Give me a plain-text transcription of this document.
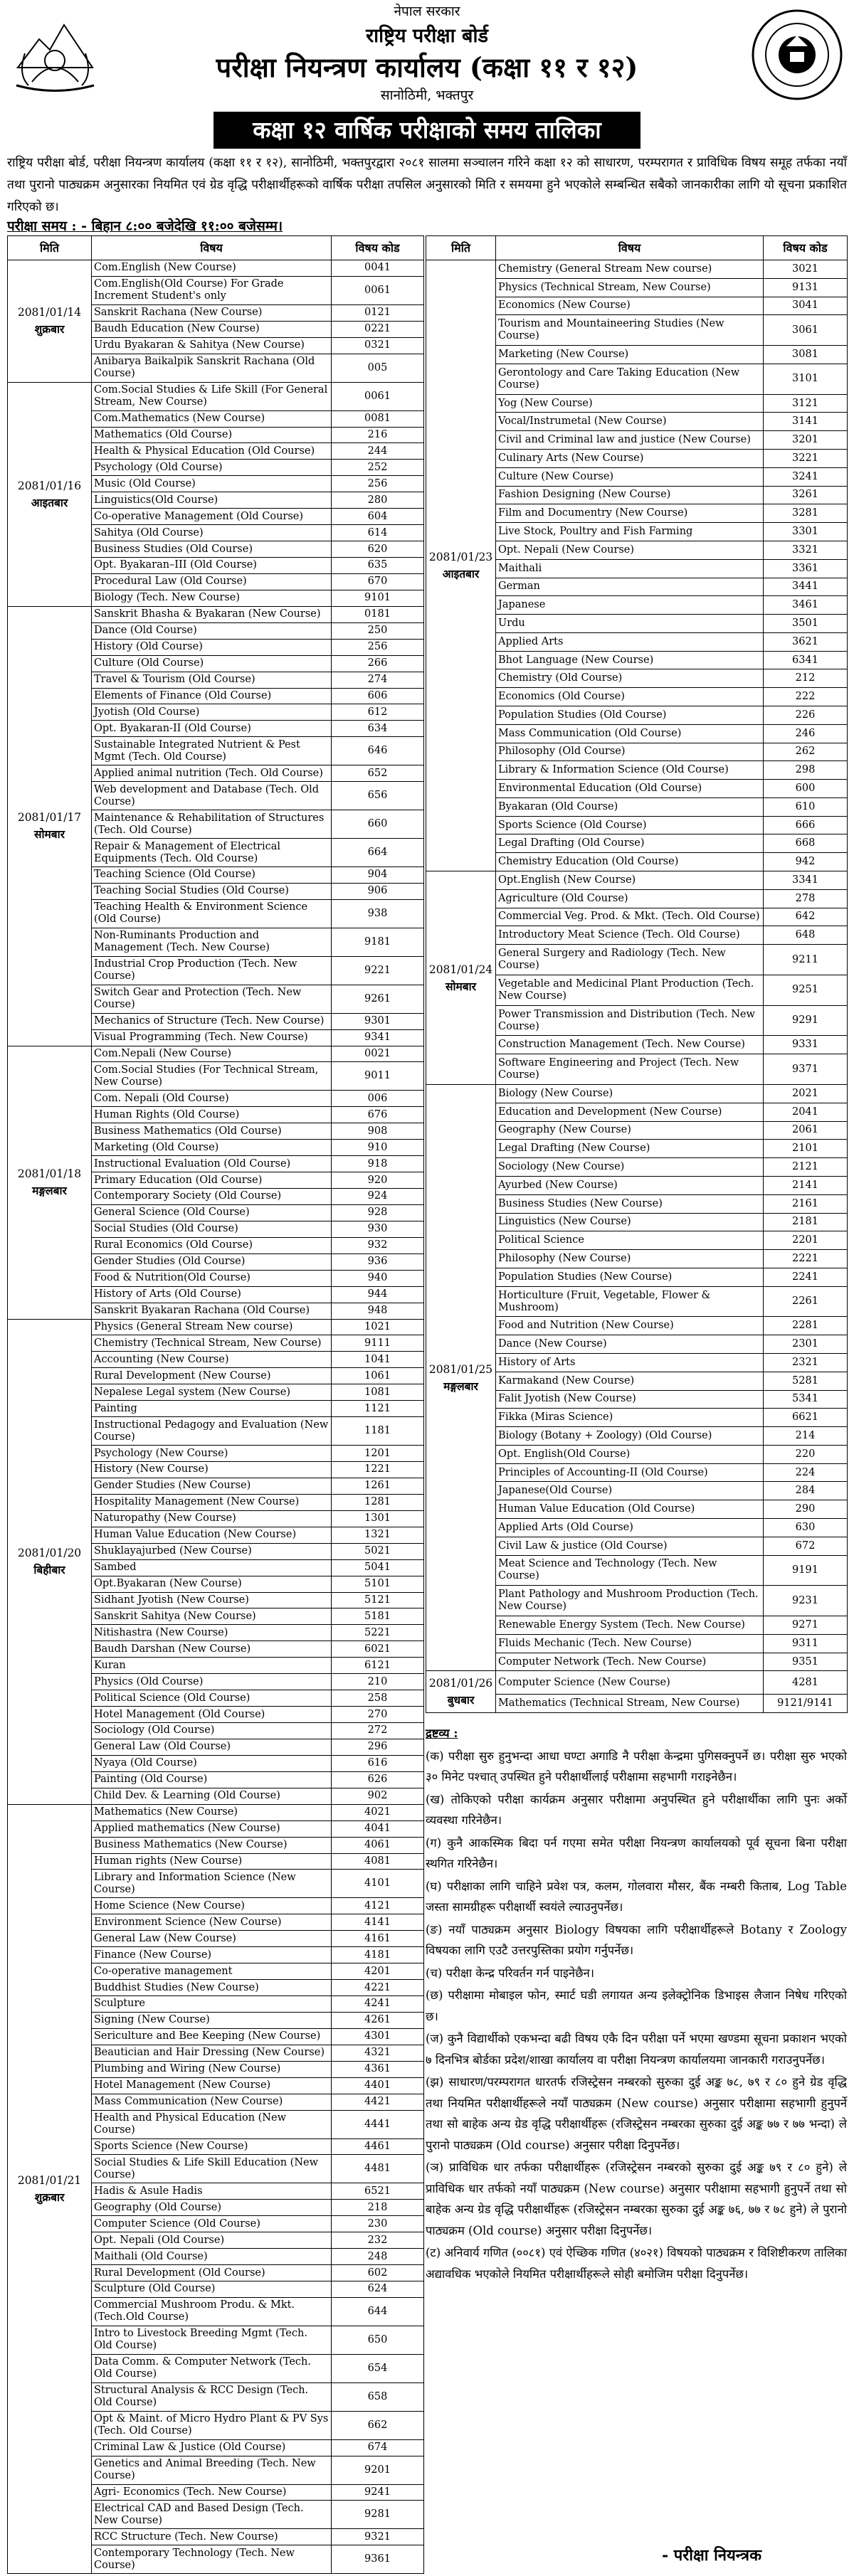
नेपाल सरकार
राष्ट्रिय परीक्षा बोर्ड
परीक्षा नियन्त्रण कार्यालय (कक्षा ११ र १२)
सानोठिमी, भक्तपुर
कक्षा १२ वार्षिक परीक्षाको समय तालिका
राष्ट्रिय परीक्षा बोर्ड, परीक्षा नियन्त्रण कार्यालय (कक्षा ११ र १२), सानोठिमी, भक्तपुरद्वारा २०८१ सालमा सञ्चालन गरिने कक्षा १२ को साधारण, परम्परागत र प्राविधिक विषय समूह तर्फका नयाँ तथा पुरानो पाठ्यक्रम अनुसारका नियमित एवं ग्रेड वृद्धि परीक्षार्थीहरूको वार्षिक परीक्षा तपसिल अनुसारको मिति र समयमा हुने भएकोले सम्बन्धित सबैको जानकारीका लागि यो सूचना प्रकाशित गरिएको छ।
परीक्षा समय : - बिहान ८:०० बजेदेखि ११:०० बजेसम्म।
मिति	विषय	विषय कोड

2081/01/14
शुक्रबार	Com.English (New Course)	0041
	Com.English(Old Course) For Grade Increment Student's only	0061
	Sanskrit Rachana (New Course)	0121
	Baudh Education (New Course)	0221
	Urdu Byakaran & Sahitya (New Course)	0321
	Anibarya Baikalpik Sanskrit Rachana (Old Course)	005

2081/01/16
आइतबार	Com.Social Studies & Life Skill (For General Stream, New Course)	0061
	Com.Mathematics (New Course)	0081
	Mathematics (Old Course)	216
	Health & Physical Education (Old Course)	244
	Psychology (Old Course)	252
	Music (Old Course)	256
	Linguistics(Old Course)	280
	Co-operative Management (Old Course)	604
	Sahitya (Old Course)	614
	Business Studies (Old Course)	620
	Opt. Byakaran–III (Old Course)	635
	Procedural Law (Old Course)	670
	Biology (Tech. New Course)	9101

2081/01/17
सोमबार	Sanskrit Bhasha & Byakaran (New Course)	0181
	Dance (Old Course)	250
	History (Old Course)	256
	Culture (Old Course)	266
	Travel & Tourism (Old Course)	274
	Elements of Finance (Old Course)	606
	Jyotish (Old Course)	612
	Opt. Byakaran-II (Old Course)	634
	Sustainable Integrated Nutrient & Pest Mgmt (Tech. Old Course)	646
	Applied animal nutrition (Tech. Old Course)	652
	Web development and Database (Tech. Old Course)	656
	Maintenance & Rehabilitation of Structures (Tech. Old Course)	660
	Repair & Management of Electrical Equipments (Tech. Old Course)	664
	Teaching Science (Old Course)	904
	Teaching Social Studies (Old Course)	906
	Teaching Health & Environment Science (Old Course)	938
	Non-Ruminants Production and Management (Tech. New Course)	9181
	Industrial Crop Production (Tech. New Course)	9221
	Switch Gear and Protection (Tech. New Course)	9261
	Mechanics of Structure (Tech. New Course)	9301
	Visual Programming (Tech. New Course)	9341

2081/01/18
मङ्गलबार	Com.Nepali (New Course)	0021
	Com.Social Studies (For Technical Stream, New Course)	9011
	Com. Nepali (Old Course)	006
	Human Rights (Old Course)	676
	Business Mathematics (Old Course)	908
	Marketing (Old Course)	910
	Instructional Evaluation (Old Course)	918
	Primary Education (Old Course)	920
	Contemporary Society (Old Course)	924
	General Science (Old Course)	928
	Social Studies (Old Course)	930
	Rural Economics (Old Course)	932
	Gender Studies (Old Course)	936
	Food & Nutrition(Old Course)	940
	History of Arts (Old Course)	944
	Sanskrit Byakaran Rachana (Old Course)	948

2081/01/20
बिहीबार	Physics (General Stream New course)	1021
	Chemistry (Technical Stream, New Course)	9111
	Accounting (New Course)	1041
	Rural Development (New Course)	1061
	Nepalese Legal system (New Course)	1081
	Painting	1121
	Instructional Pedagogy and Evaluation (New Course)	1181
	Psychology (New Course)	1201
	History (New Course)	1221
	Gender Studies (New Course)	1261
	Hospitality Management (New Course)	1281
	Naturopathy (New Course)	1301
	Human Value Education (New Course)	1321
	Shuklayajurbed (New Course)	5021
	Sambed	5041
	Opt.Byakaran (New Course)	5101
	Sidhant Jyotish (New Course)	5121
	Sanskrit Sahitya (New Course)	5181
	Nitishastra (New Course)	5221
	Baudh Darshan (New Course)	6021
	Kuran	6121
	Physics (Old Course)	210
	Political Science (Old Course)	258
	Hotel Management (Old Course)	270
	Sociology (Old Course)	272
	General Law (Old Course)	296
	Nyaya (Old Course)	616
	Painting (Old Course)	626
	Child Dev. & Learning (Old Course)	902

2081/01/21
शुक्रबार	Mathematics (New Course)	4021
	Applied mathematics (New Course)	4041
	Business Mathematics (New Course)	4061
	Human rights (New Course)	4081
	Library and Information Science (New Course)	4101
	Home Science (New Course)	4121
	Environment Science (New Course)	4141
	General Law (New Course)	4161
	Finance (New Course)	4181
	Co-operative management	4201
	Buddhist Studies (New Course)	4221
	Sculpture	4241
	Signing (New Course)	4261
	Sericulture and Bee Keeping (New Course)	4301
	Beautician and Hair Dressing (New Course)	4321
	Plumbing and Wiring (New Course)	4361
	Hotel Management (New Course)	4401
	Mass Communication (New Course)	4421
	Health and Physical Education (New Course)	4441
	Sports Science (New Course)	4461
	Social Studies & Life Skill Education (New Course)	4481
	Hadis & Asule Hadis	6521
	Geography (Old Course)	218
	Computer Science (Old Course)	230
	Opt. Nepali (Old Course)	232
	Maithali (Old Course)	248
	Rural Development (Old Course)	602
	Sculpture (Old Course)	624
	Commercial Mushroom Produ. & Mkt.(Tech.Old Course)	644
	Intro to Livestock Breeding Mgmt (Tech. Old Course)	650
	Data Comm. & Computer Network (Tech. Old Course)	654
	Structural Analysis & RCC Design (Tech. Old Course)	658
	Opt & Maint. of Micro Hydro Plant & PV Sys (Tech. Old Course)	662
	Criminal Law & Justice (Old Course)	674
	Genetics and Animal Breeding (Tech. New Course)	9201
	Agri- Economics (Tech. New Course)	9241
	Electrical CAD and Based Design (Tech. New Course)	9281
	RCC Structure (Tech. New Course)	9321
	Contemporary Technology (Tech. New Course)	9361
मिति	विषय	विषय कोड

2081/01/23
आइतबार	Chemistry (General Stream New course)	3021
	Physics (Technical Stream, New Course)	9131
	Economics (New Course)	3041
	Tourism and Mountaineering Studies (New Course)	3061
	Marketing (New Course)	3081
	Gerontology and Care Taking Education (New Course)	3101
	Yog (New Course)	3121
	Vocal/Instrumetal (New Course)	3141
	Civil and Criminal law and justice (New Course)	3201
	Culinary Arts (New Course)	3221
	Culture (New Course)	3241
	Fashion Designing (New Course)	3261
	Film and Documentry (New Course)	3281
	Live Stock, Poultry and Fish Farming	3301
	Opt. Nepali (New Course)	3321
	Maithali	3361
	German	3441
	Japanese	3461
	Urdu	3501
	Applied Arts	3621
	Bhot Language (New Course)	6341
	Chemistry (Old Course)	212
	Economics (Old Course)	222
	Population Studies (Old Course)	226
	Mass Communication (Old Course)	246
	Philosophy (Old Course)	262
	Library & Information Science (Old Course)	298
	Environmental Education (Old Course)	600
	Byakaran (Old Course)	610
	Sports Science (Old Course)	666
	Legal Drafting (Old Course)	668
	Chemistry Education (Old Course)	942

2081/01/24
सोमबार	Opt.English (New Course)	3341
	Agriculture (Old Course)	278
	Commercial Veg. Prod. & Mkt. (Tech. Old Course)	642
	Introductory Meat Science (Tech. Old Course)	648
	General Surgery and Radiology (Tech. New Course)	9211
	Vegetable and Medicinal Plant Production (Tech. New Course)	9251
	Power Transmission and Distribution (Tech. New Course)	9291
	Construction Management (Tech. New Course)	9331
	Software Engineering and Project (Tech. New Course)	9371

2081/01/25
मङ्गलबार	Biology (New Course)	2021
	Education and Development (New Course)	2041
	Geography (New Course)	2061
	Legal Drafting (New Course)	2101
	Sociology (New Course)	2121
	Ayurbed (New Course)	2141
	Business Studies (New Course)	2161
	Linguistics (New Course)	2181
	Political Science	2201
	Philosophy (New Course)	2221
	Population Studies (New Course)	2241
	Horticulture (Fruit, Vegetable, Flower & Mushroom)	2261
	Food and Nutrition (New Course)	2281
	Dance (New Course)	2301
	History of Arts	2321
	Karmakand (New Course)	5281
	Falit Jyotish (New Course)	5341
	Fikka (Miras Science)	6621
	Biology (Botany + Zoology) (Old Course)	214
	Opt. English(Old Course)	220
	Principles of Accounting-II (Old Course)	224
	Japanese(Old Course)	284
	Human Value Education (Old Course)	290
	Applied Arts (Old Course)	630
	Civil Law & justice (Old Course)	672
	Meat Science and Technology (Tech. New Course)	9191
	Plant Pathology and Mushroom Production (Tech. New Course)	9231
	Renewable Energy System (Tech. New Course)	9271
	Fluids Mechanic (Tech. New Course)	9311
	Computer Network (Tech. New Course)	9351

2081/01/26
बुधबार	Computer Science (New Course)	4281
	Mathematics (Technical Stream, New Course)	9121/9141
द्रष्टव्य :

(क) परीक्षा सुरु हुनुभन्दा आधा घण्टा अगाडि नै परीक्षा केन्द्रमा पुगिसक्नुपर्ने छ। परीक्षा सुरु भएको ३० मिनेट पश्चात् उपस्थित हुने परीक्षार्थीलाई परीक्षामा सहभागी गराइनेछैन।

(ख) तोकिएको परीक्षा कार्यक्रम अनुसार परीक्षामा अनुपस्थित हुने परीक्षार्थीका लागि पुनः अर्को व्यवस्था गरिनेछैन।

(ग) कुनै आकस्मिक बिदा पर्न गएमा समेत परीक्षा नियन्त्रण कार्यालयको पूर्व सूचना बिना परीक्षा स्थगित गरिनेछैन।

(घ) परीक्षाका लागि चाहिने प्रवेश पत्र, कलम, गोलवारा मौसर, बैंक नम्बरी किताब, Log Table जस्ता सामग्रीहरू परीक्षार्थी स्वयंले ल्याउनुपर्नेछ।

(ङ) नयाँ पाठ्यक्रम अनुसार Biology विषयका लागि परीक्षार्थीहरूले Botany र Zoology विषयका लागि एउटै उत्तरपुस्तिका प्रयोग गर्नुपर्नेछ।

(च) परीक्षा केन्द्र परिवर्तन गर्न पाइनेछैन।

(छ) परीक्षामा मोबाइल फोन, स्मार्ट घडी लगायत अन्य इलेक्ट्रोनिक डिभाइस लैजान निषेध गरिएको छ।

(ज) कुनै विद्यार्थीको एकभन्दा बढी विषय एकै दिन परीक्षा पर्ने भएमा खण्डमा सूचना प्रकाशन भएको ७ दिनभित्र बोर्डका प्रदेश/शाखा कार्यालय वा परीक्षा नियन्त्रण कार्यालयमा जानकारी गराउनुपर्नेछ।

(झ) साधारण/परम्परागत धारतर्फ रजिस्ट्रेसन नम्बरको सुरुका दुई अङ्क ७८, ७९ र ८० हुने ग्रेड वृद्धि तथा नियमित परीक्षार्थीहरूले नयाँ पाठ्यक्रम (New course) अनुसार परीक्षामा सहभागी हुनुपर्ने तथा सो बाहेक अन्य ग्रेड वृद्धि परीक्षार्थीहरू (रजिस्ट्रेसन नम्बरका सुरुका दुई अङ्क ७७ र ७७ भन्दा) ले पुरानो पाठ्यक्रम (Old course) अनुसार परीक्षा दिनुपर्नेछ।

(ञ) प्राविधिक धार तर्फका परीक्षार्थीहरू (रजिस्ट्रेसन नम्बरको सुरुका दुई अङ्क ७९ र ८० हुने) ले प्राविधिक धार तर्फको नयाँ पाठ्यक्रम (New course) अनुसार परीक्षामा सहभागी हुनुपर्ने तथा सो बाहेक अन्य ग्रेड वृद्धि परीक्षार्थीहरू (रजिस्ट्रेसन नम्बरका सुरुका दुई अङ्क ७६, ७७ र ७८ हुने) ले पुरानो पाठ्यक्रम (Old course) अनुसार परीक्षा दिनुपर्नेछ।

(ट) अनिवार्य गणित (००८१) एवं ऐच्छिक गणित (४०२१) विषयको पाठ्यक्रम र विशिष्टीकरण तालिका अद्यावधिक भएकोले नियमित परीक्षार्थीहरूले सोही बमोजिम परीक्षा दिनुपर्नेछ।

- परीक्षा नियन्त्रक
